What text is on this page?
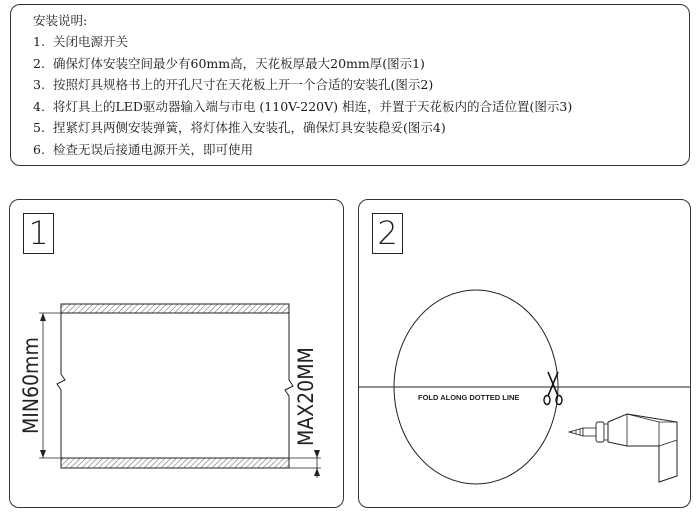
安装说明:
1. 关闭电源开关
2. 确保灯体安装空间最少有60mm高，天花板厚最大20mm厚(图示1)
3. 按照灯具规格书上的开孔尺寸在天花板上开一个合适的安装孔(图示2)
4. 将灯具上的LED驱动器输入端与市电 (110V-220V) 相连，并置于天花板内的合适位置(图示3)
5. 捏紧灯具两侧安装弹簧，将灯体推入安装孔，确保灯具安装稳妥(图示4)
6. 检查无误后接通电源开关，即可使用
MIN60mm	MAX20MM
1
FOLD ALONG DOTTED LINE
2
